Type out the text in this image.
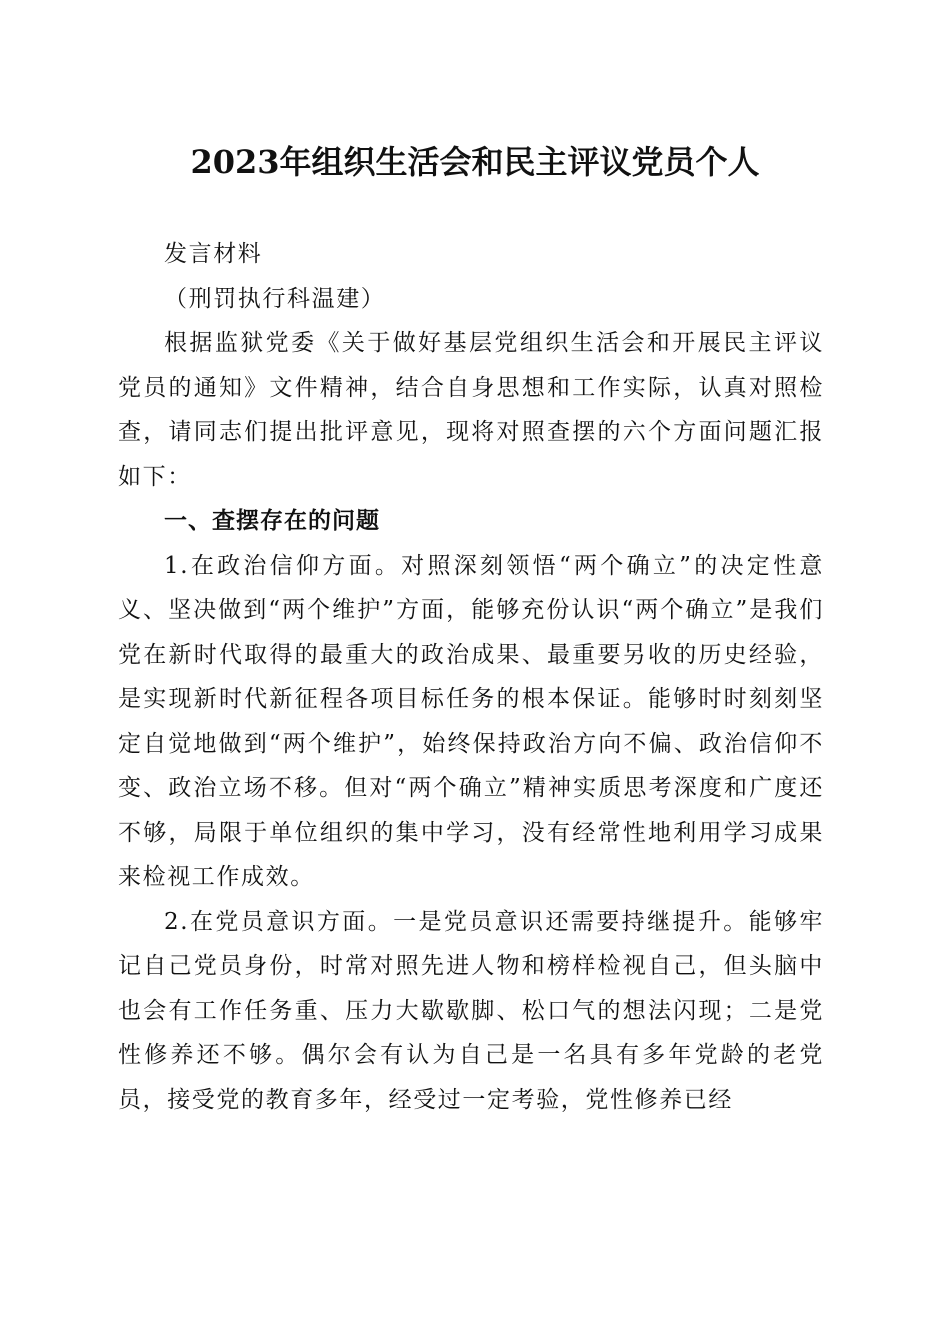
2023年组织生活会和民主评议党员个人

发言材料

（刑罚执行科温建）

根据监狱党委《关于做好基层党组织生活会和开展民主评议党员的通知》文件精神，结合自身思想和工作实际，认真对照检查，请同志们提出批评意见，现将对照查摆的六个方面问题汇报如下：

一、查摆存在的问题

1.在政治信仰方面。对照深刻领悟“两个确立”的决定性意义、坚决做到“两个维护”方面，能够充份认识“两个确立”是我们党在新时代取得的最重大的政治成果、最重要另收的历史经验，是实现新时代新征程各项目标任务的根本保证。能够时时刻刻坚定自觉地做到“两个维护”，始终保持政治方向不偏、政治信仰不变、政治立场不移。但对“两个确立”精神实质思考深度和广度还不够，局限于单位组织的集中学习，没有经常性地利用学习成果来检视工作成效。

2.在党员意识方面。一是党员意识还需要持继提升。能够牢记自己党员身份，时常对照先进人物和榜样检视自己，但头脑中也会有工作任务重、压力大歇歇脚、松口气的想法闪现；二是党性修养还不够。偶尔会有认为自己是一名具有多年党龄的老党员，接受党的教育多年，经受过一定考验，党性修养已经
